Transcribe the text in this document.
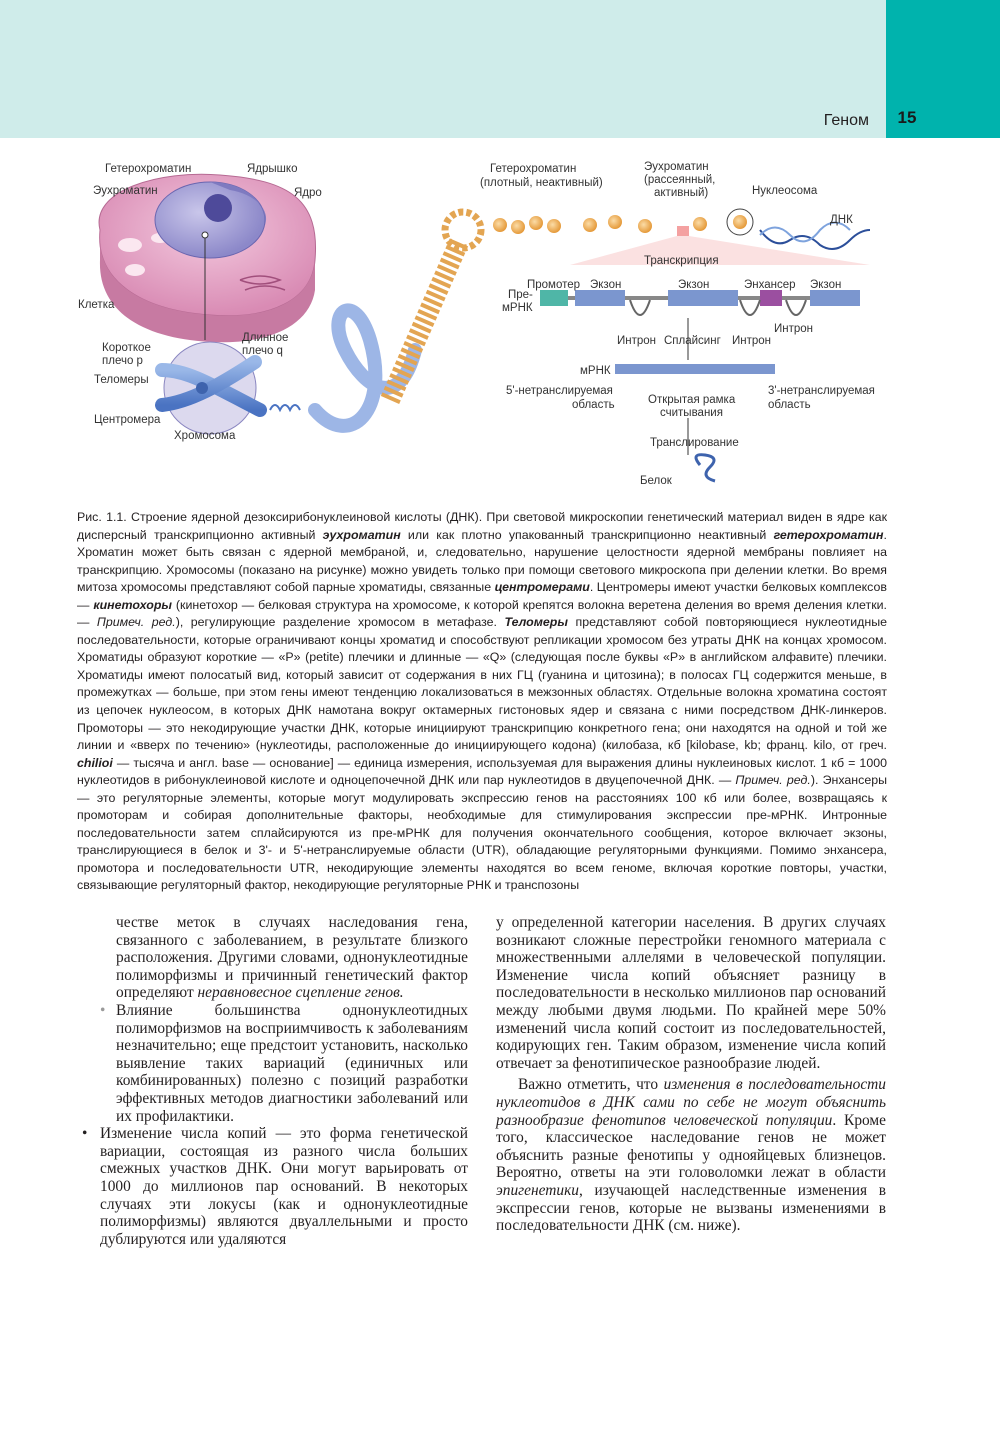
Геном	15
Гетерохроматин	Ядрышко
Эухроматин	Ядро
Клетка
Короткое
плечо p
Длинное
плечо q
Теломеры
Центромера
Хромосома
Гетерохроматин
(плотный, неактивный)
Эухроматин
(рассеянный,
активный)	Нуклеосома
ДНК
Транскрипция
Пре-
мРНК
Промотер Экзон	Экзон	Энхансер Экзон
Интрон Сплайсинг Интрон
Интрон
мРНК
5'-нетранслируемая
область	Открытая рамка
считывания
3'-нетранслируемая
область
Транслирование
Белок

Рис. 1.1. Строение ядерной дезоксирибонуклеиновой кислоты (ДНК). При световой микроскопии генетический материал виден в ядре как дисперсный транскрипционно активный эухроматин или как плотно упакованный транскрипционно неактивный гетерохроматин. Хроматин может быть связан с ядерной мембраной, и, следовательно, нарушение целостности ядерной мембраны повлияет на транскрипцию. Хромосомы (показано на рисунке) можно увидеть только при помощи светового микроскопа при делении клетки. Во время митоза хромосомы представляют собой парные хроматиды, связанные центромерами. Центромеры имеют участки белковых комплексов — кинетохоры (кинетохор — белковая структура на хромосоме, к которой крепятся волокна веретена деления во время деления клетки. — Примеч. ред.), регулирующие разделение хромосом в метафазе. Теломеры представляют собой повторяющиеся нуклеотидные последовательности, которые ограничивают концы хроматид и способствуют репликации хромосом без утраты ДНК на концах хромосом. Хроматиды образуют короткие — «P» (petite) плечики и длинные — «Q» (следующая после буквы «P» в английском алфавите) плечики. Хроматиды имеют полосатый вид, который зависит от содержания в них ГЦ (гуанина и цитозина); в полосах ГЦ содержится меньше, в промежутках — больше, при этом гены имеют тенденцию локализоваться в межзонных областях. Отдельные волокна хроматина состоят из цепочек нуклеосом, в которых ДНК намотана вокруг октамерных гистоновых ядер и связана с ними посредством ДНК-линкеров. Промоторы — это некодирующие участки ДНК, которые инициируют транскрипцию конкретного гена; они находятся на одной и той же линии и «вверх по течению» (нуклеотиды, расположенные до инициирующего кодона) (килобаза, кб [kilobase, kb; франц. kilo, от греч. chilioi — тысяча и англ. base — основание] — единица измерения, используемая для выражения длины нуклеиновых кислот. 1 кб = 1000 нуклеотидов в рибонуклеиновой кислоте и одноцепочечной ДНК или пар нуклеотидов в двуцепочечной ДНК. — Примеч. ред.). Энхансеры — это регуляторные элементы, которые могут модулировать экспрессию генов на расстояниях 100 кб или более, возвращаясь к промоторам и собирая дополнительные факторы, необходимые для стимулирования экспрессии пре-мРНК. Интронные последовательности затем сплайсируются из пре-мРНК для получения окончательного сообщения, которое включает экзоны, транслирующиеся в белок и 3'- и 5'-нетранслируемые области (UTR), обладающие регуляторными функциями. Помимо энхансера, промотора и последовательности UTR, некодирующие элементы находятся во всем геноме, включая короткие повторы, участки, связывающие регуляторный фактор, некодирующие регуляторные РНК и транспозоны

честве меток в случаях наследования гена, связанного с заболеванием, в результате близкого расположения. Другими словами, однонуклеотидные полиморфизмы и причинный генетический фактор определяют неравновесное сцепление генов.

• Влияние большинства однонуклеотидных полиморфизмов на восприимчивость к заболеваниям незначительно; еще предстоит установить, насколько выявление таких вариаций (единичных или комбинированных) полезно с позиций разработки эффективных методов диагностики заболеваний или их профилактики.

• Изменение числа копий — это форма генетической вариации, состоящая из разного числа больших смежных участков ДНК. Они могут варьировать от 1000 до миллионов пар оснований. В некоторых случаях эти локусы (как и однонуклеотидные полиморфизмы) являются двуаллельными и просто дублируются или удаляются

у определенной категории населения. В других случаях возникают сложные перестройки геномного материала с множественными аллелями в человеческой популяции. Изменение числа копий объясняет разницу в последовательности в несколько миллионов пар оснований между любыми двумя людьми. По крайней мере 50% изменений числа копий состоит из последовательностей, кодирующих ген. Таким образом, изменение числа копий отвечает за фенотипическое разнообразие людей.

Важно отметить, что изменения в последовательности нуклеотидов в ДНК сами по себе не могут объяснить разнообразие фенотипов человеческой популяции. Кроме того, классическое наследование генов не может объяснить разные фенотипы у однояйцевых близнецов. Вероятно, ответы на эти головоломки лежат в области эпигенетики, изучающей наследственные изменения в экспрессии генов, которые не вызваны изменениями в последовательности ДНК (см. ниже).
